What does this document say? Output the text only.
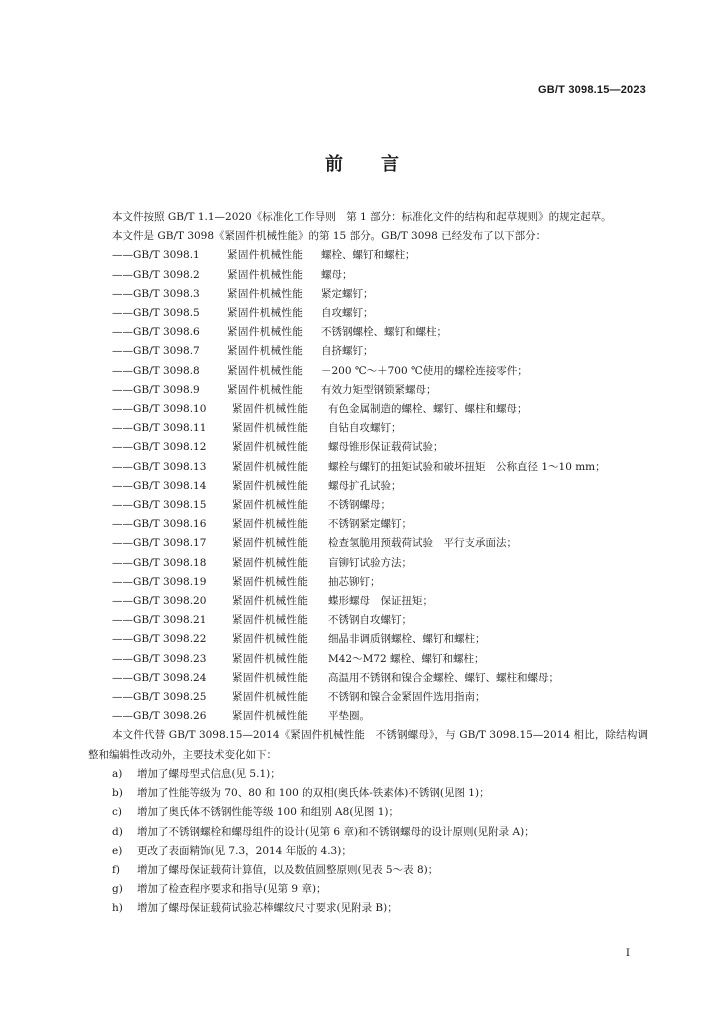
GB/T 3098.15—2023
前言

本文件按照 GB/T 1.1—2020《标准化工作导则　第 1 部分：标准化文件的结构和起草规则》的规定起草。

本文件是 GB/T 3098《紧固件机械性能》的第 15 部分。GB/T 3098 已经发布了以下部分：

——GB/T 3098.1	紧固件机械性能	螺栓、螺钉和螺柱；
——GB/T 3098.2	紧固件机械性能	螺母；
——GB/T 3098.3	紧固件机械性能	紧定螺钉；
——GB/T 3098.5	紧固件机械性能	自攻螺钉；
——GB/T 3098.6	紧固件机械性能	不锈钢螺栓、螺钉和螺柱；
——GB/T 3098.7	紧固件机械性能	自挤螺钉；
——GB/T 3098.8	紧固件机械性能	－200 ℃～＋700 ℃使用的螺栓连接零件；
——GB/T 3098.9	紧固件机械性能	有效力矩型钢锁紧螺母；
——GB/T 3098.10	紧固件机械性能	有色金属制造的螺栓、螺钉、螺柱和螺母；
——GB/T 3098.11	紧固件机械性能	自钻自攻螺钉；
——GB/T 3098.12	紧固件机械性能	螺母锥形保证载荷试验；
——GB/T 3098.13	紧固件机械性能	螺栓与螺钉的扭矩试验和破坏扭矩　公称直径 1～10 mm；
——GB/T 3098.14	紧固件机械性能	螺母扩孔试验；
——GB/T 3098.15	紧固件机械性能	不锈钢螺母；
——GB/T 3098.16	紧固件机械性能	不锈钢紧定螺钉；
——GB/T 3098.17	紧固件机械性能	检查氢脆用预载荷试验　平行支承面法；
——GB/T 3098.18	紧固件机械性能	盲铆钉试验方法；
——GB/T 3098.19	紧固件机械性能	抽芯铆钉；
——GB/T 3098.20	紧固件机械性能	蝶形螺母　保证扭矩；
——GB/T 3098.21	紧固件机械性能	不锈钢自攻螺钉；
——GB/T 3098.22	紧固件机械性能	细晶非调质钢螺栓、螺钉和螺柱；
——GB/T 3098.23	紧固件机械性能	M42～M72 螺栓、螺钉和螺柱；
——GB/T 3098.24	紧固件机械性能	高温用不锈钢和镍合金螺栓、螺钉、螺柱和螺母；
——GB/T 3098.25	紧固件机械性能	不锈钢和镍合金紧固件选用指南；
——GB/T 3098.26	紧固件机械性能	平垫圈。

本文件代替 GB/T 3098.15—2014《紧固件机械性能　不锈钢螺母》，与 GB/T 3098.15—2014 相比，除结构调整和编辑性改动外，主要技术变化如下：

a)	增加了螺母型式信息(见 5.1)；
b)	增加了性能等级为 70、80 和 100 的双相(奥氏体-铁素体)不锈钢(见图 1)；
c)	增加了奥氏体不锈钢性能等级 100 和组别 A8(见图 1)；
d)	增加了不锈钢螺栓和螺母组件的设计(见第 6 章)和不锈钢螺母的设计原则(见附录 A)；
e)	更改了表面精饰(见 7.3，2014 年版的 4.3)；
f)	增加了螺母保证载荷计算值，以及数值圆整原则(见表 5～表 8)；
g)	增加了检查程序要求和指导(见第 9 章)；
h)	增加了螺母保证载荷试验芯棒螺纹尺寸要求(见附录 B)；
I
